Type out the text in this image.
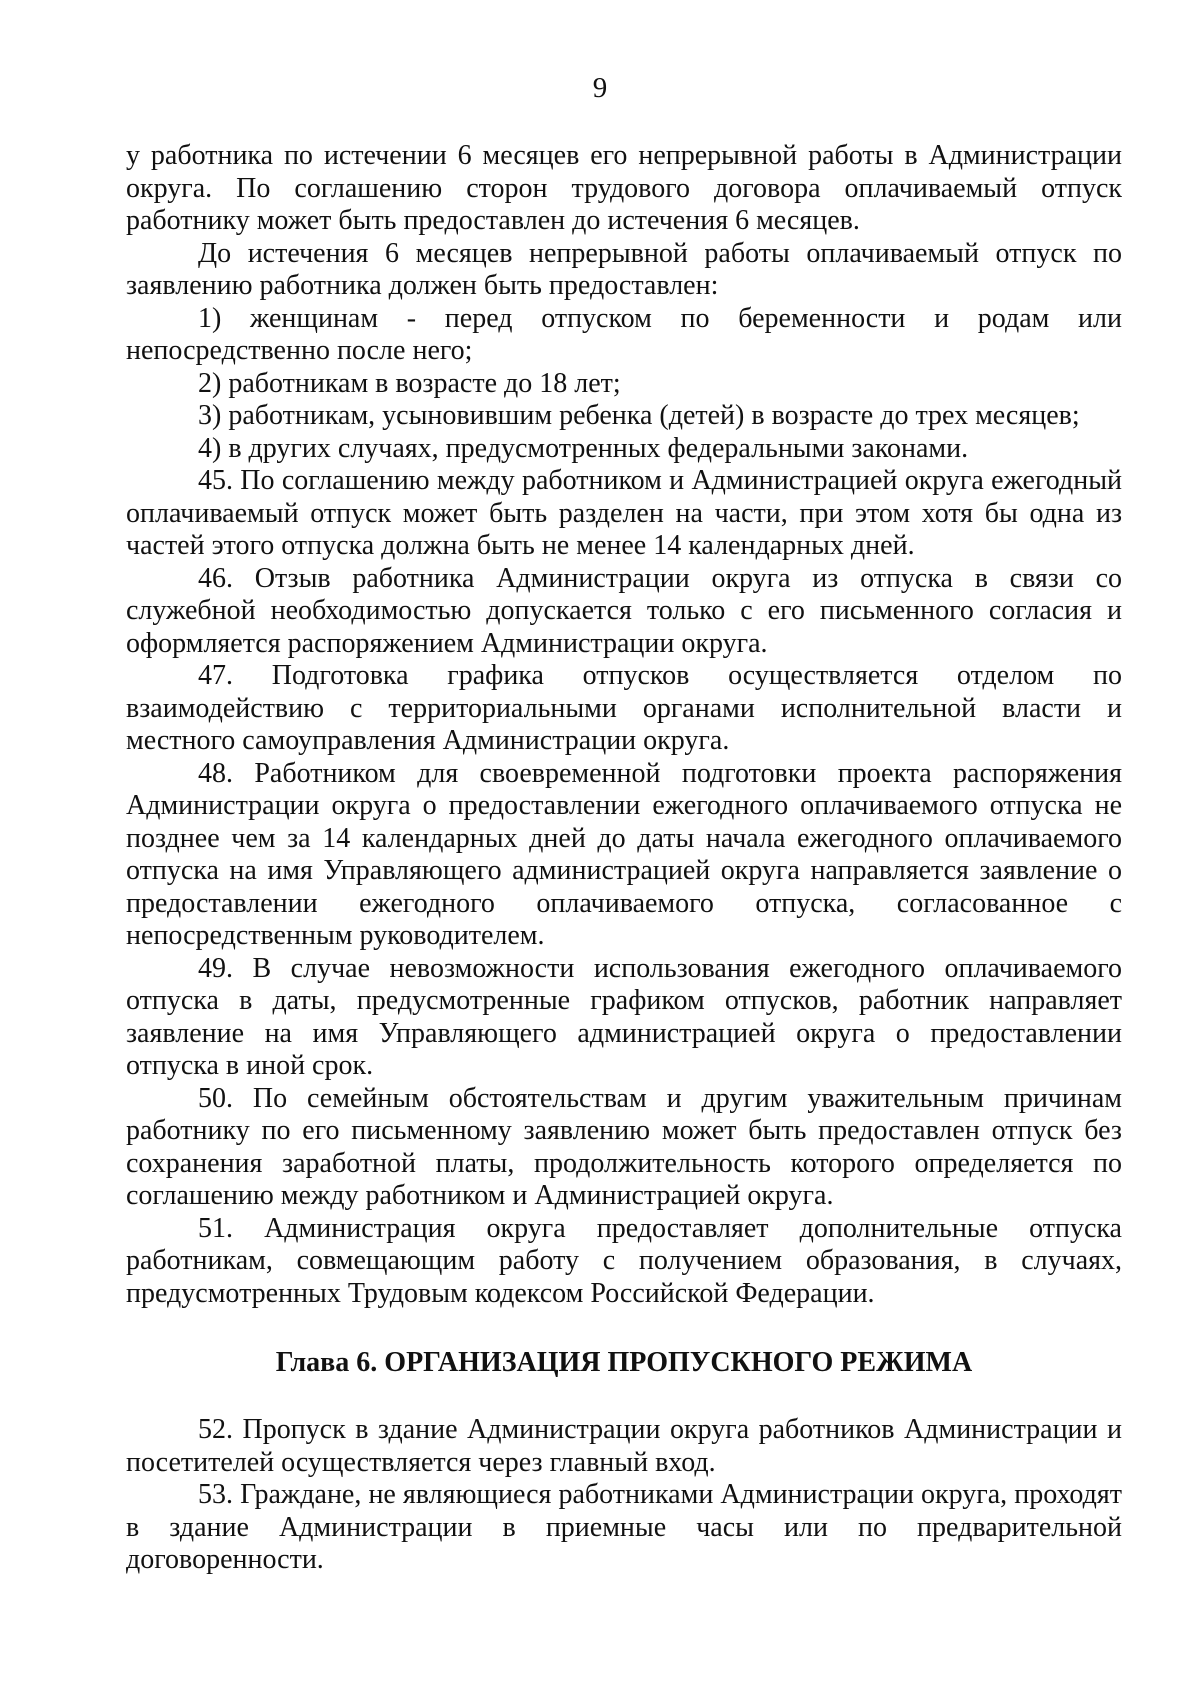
9

у работника по истечении 6 месяцев его непрерывной работы в Администрации округа. По соглашению сторон трудового договора оплачиваемый отпуск работнику может быть предоставлен до истечения 6 месяцев.

До истечения 6 месяцев непрерывной работы оплачиваемый отпуск по заявлению работника должен быть предоставлен:

1) женщинам - перед отпуском по беременности и родам или непосредственно после него;

2) работникам в возрасте до 18 лет;

3) работникам, усыновившим ребенка (детей) в возрасте до трех месяцев;

4) в других случаях, предусмотренных федеральными законами.

45. По соглашению между работником и Администрацией округа ежегодный оплачиваемый отпуск может быть разделен на части, при этом хотя бы одна из частей этого отпуска должна быть не менее 14 календарных дней.

46. Отзыв работника Администрации округа из отпуска в связи со служебной необходимостью допускается только с его письменного согласия и оформляется распоряжением Администрации округа.

47. Подготовка графика отпусков осуществляется отделом по взаимодействию с территориальными органами исполнительной власти и местного самоуправления Администрации округа.

48. Работником для своевременной подготовки проекта распоряжения Администрации округа о предоставлении ежегодного оплачиваемого отпуска не позднее чем за 14 календарных дней до даты начала ежегодного оплачиваемого отпуска на имя Управляющего администрацией округа направляется заявление о предоставлении ежегодного оплачиваемого отпуска, согласованное с непосредственным руководителем.

49. В случае невозможности использования ежегодного оплачиваемого отпуска в даты, предусмотренные графиком отпусков, работник направляет заявление на имя Управляющего администрацией округа о предоставлении отпуска в иной срок.

50. По семейным обстоятельствам и другим уважительным причинам работнику по его письменному заявлению может быть предоставлен отпуск без сохранения заработной платы, продолжительность которого определяется по соглашению между работником и Администрацией округа.

51. Администрация округа предоставляет дополнительные отпуска работникам, совмещающим работу с получением образования, в случаях, предусмотренных Трудовым кодексом Российской Федерации.

Глава 6. ОРГАНИЗАЦИЯ ПРОПУСКНОГО РЕЖИМА

52. Пропуск в здание Администрации округа работников Администрации и посетителей осуществляется через главный вход.

53. Граждане, не являющиеся работниками Администрации округа, проходят в здание Администрации в приемные часы или по предварительной договоренности.
